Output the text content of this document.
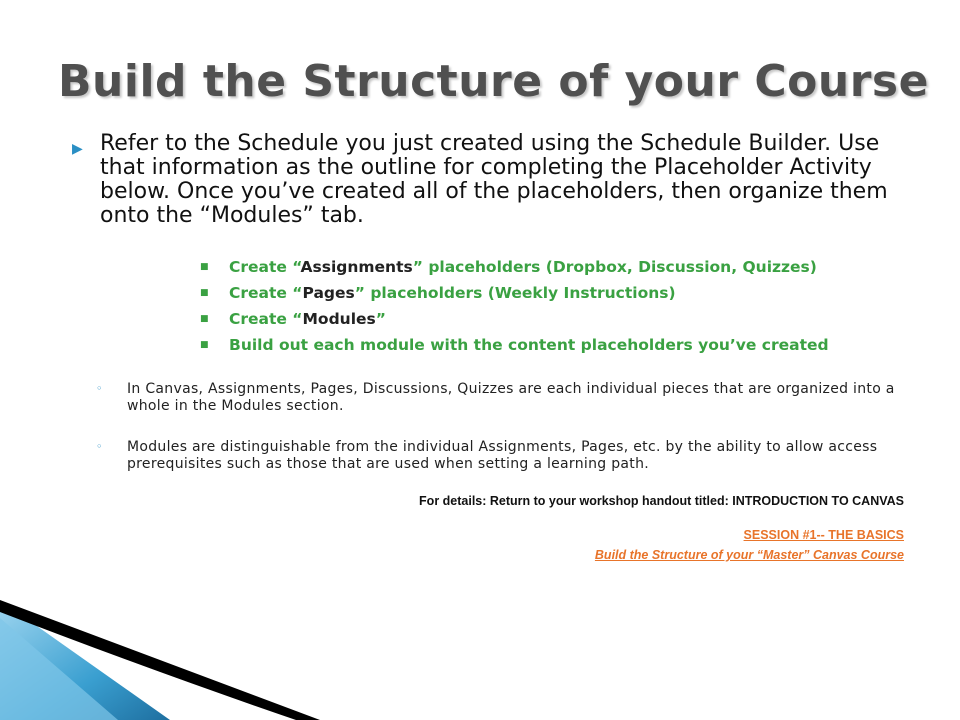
Build the Structure of your Course
▶ Refer to the Schedule you just created using the Schedule Builder. Use that information as the outline for completing the Placeholder Activity below. Once you’ve created all of the placeholders, then organize them onto the “Modules” tab.
■	Create “Assignments” placeholders (Dropbox, Discussion, Quizzes)
■	Create “Pages” placeholders (Weekly Instructions)
■	Create “Modules”
■	Build out each module with the content placeholders you’ve created
◦	In Canvas, Assignments, Pages, Discussions, Quizzes are each individual pieces that are organized into a whole in the Modules section.
◦	Modules are distinguishable from the individual Assignments, Pages, etc. by the ability to allow access prerequisites such as those that are used when setting a learning path.

For details: Return to your workshop handout titled: INTRODUCTION TO CANVAS

SESSION #1-- THE BASICS
Build the Structure of your “Master” Canvas Course
